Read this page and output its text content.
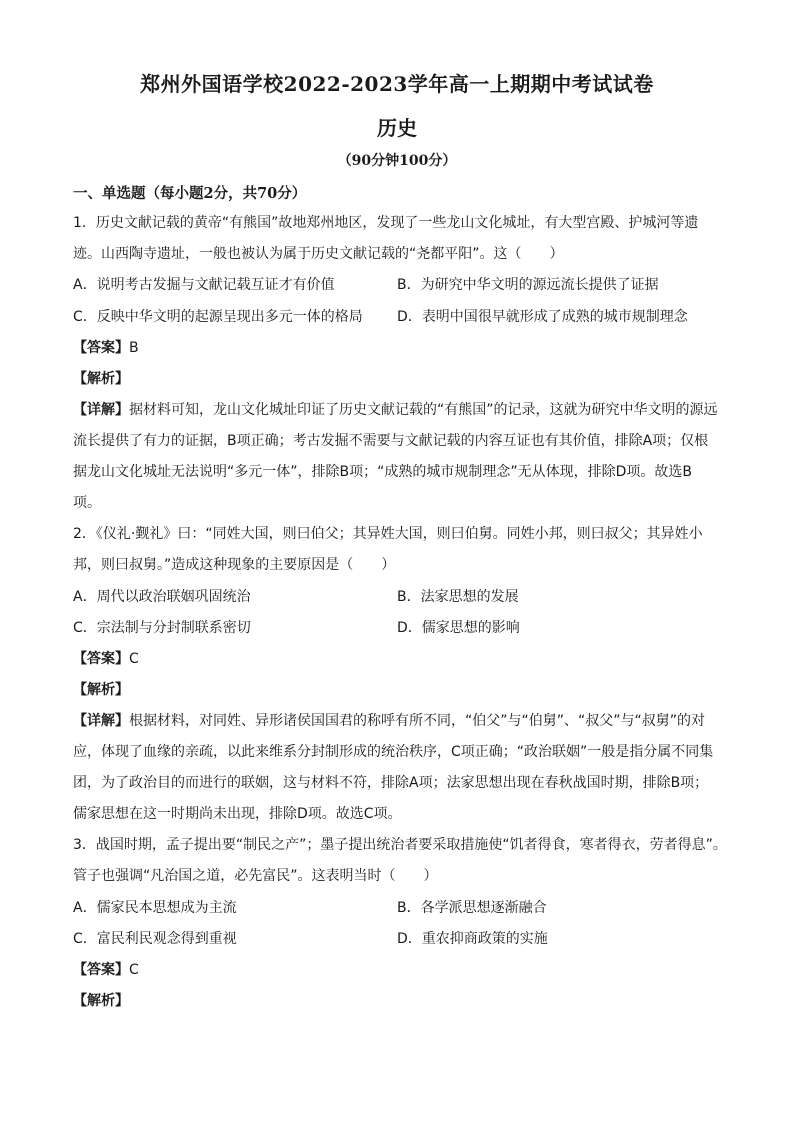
郑州外国语学校2022-2023学年高一上期期中考试试卷
历史
（90分钟100分）
一、单选题（每小题2分，共70分）
1．历史文献记载的黄帝“有熊国”故地郑州地区，发现了一些龙山文化城址，有大型宫殿、护城河等遗
迹。山西陶寺遗址，一般也被认为属于历史文献记载的“尧都平阳”。这（　　）
A．说明考古发掘与文献记载互证才有价值	B．为研究中华文明的源远流长提供了证据
C．反映中华文明的起源呈现出多元一体的格局 D．表明中国很早就形成了成熟的城市规制理念
【答案】B
【解析】
【详解】据材料可知，龙山文化城址印证了历史文献记载的“有熊国”的记录，这就为研究中华文明的源远
流长提供了有力的证据，B项正确；考古发掘不需要与文献记载的内容互证也有其价值，排除A项；仅根
据龙山文化城址无法说明“多元一体”，排除B项；“成熟的城市规制理念”无从体现，排除D项。故选B
项。
2．《仪礼·觐礼》曰：“同姓大国，则曰伯父；其异姓大国，则曰伯舅。同姓小邦，则曰叔父；其异姓小
邦，则曰叔舅。”造成这种现象的主要原因是（　　）
A．周代以政治联姻巩固统治	B．法家思想的发展
C．宗法制与分封制联系密切	D．儒家思想的影响
【答案】C
【解析】
【详解】根据材料，对同姓、异形诸侯国国君的称呼有所不同，“伯父”与“伯舅”、“叔父”与“叔舅”的对
应，体现了血缘的亲疏，以此来维系分封制形成的统治秩序，C项正确；“政治联姻”一般是指分属不同集
团，为了政治目的而进行的联姻，这与材料不符，排除A项；法家思想出现在春秋战国时期，排除B项；
儒家思想在这一时期尚未出现，排除D项。故选C项。
3．战国时期，孟子提出要“制民之产”；墨子提出统治者要采取措施使“饥者得食，寒者得衣，劳者得息”。
管子也强调“凡治国之道，必先富民”。这表明当时（　　）
A．儒家民本思想成为主流	B．各学派思想逐渐融合
C．富民利民观念得到重视	D．重农抑商政策的实施
【答案】C
【解析】
